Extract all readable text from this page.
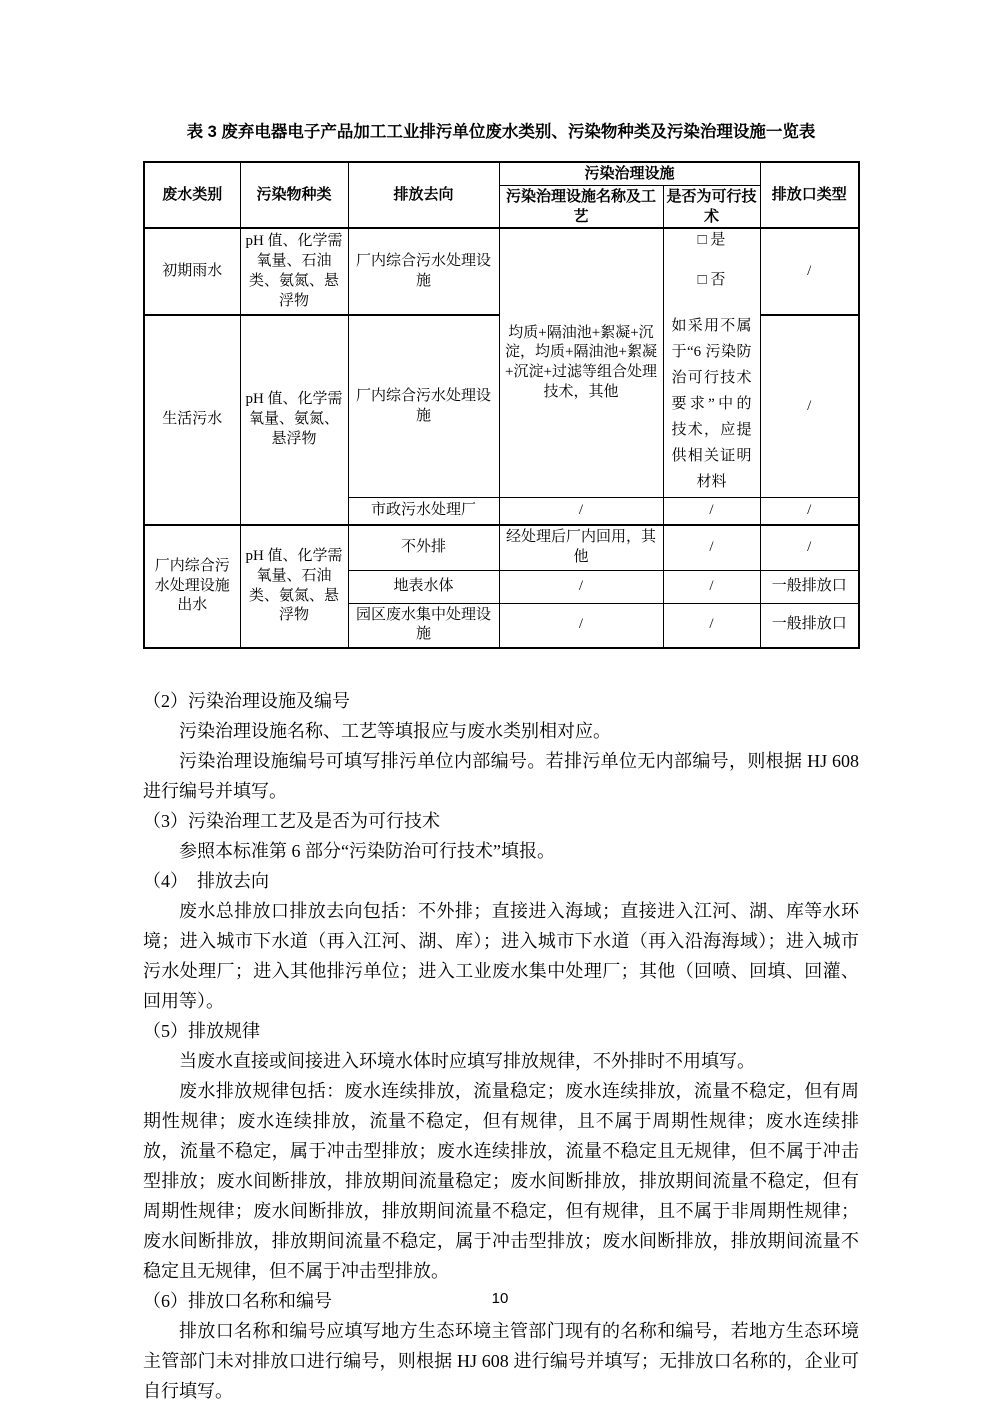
表 3 废弃电器电子产品加工工业排污单位废水类别、污染物种类及污染治理设施一览表
废水类别	污染物种类	排放去向	污染治理设施		排放口类型
			污染治理设施名称及工艺	是否为可行技术	
初期雨水	pH 值、化学需氧量、石油类、氨氮、悬浮物	厂内综合污水处理设施	均质+隔油池+絮凝+沉淀，均质+隔油池+絮凝+沉淀+过滤等组合处理技术，其他	□ 是
□ 否
如采用不属于“6 污染防治可行技术要求”中的技术，应提供相关证明材料	/
生活污水	pH 值、化学需氧量、氨氮、悬浮物	厂内综合污水处理设施			/
		市政污水处理厂	/	/	/
厂内综合污水处理设施出水	pH 值、化学需氧量、石油类、氨氮、悬浮物	不外排	经处理后厂内回用，其他	/	/
		地表水体	/	/	一般排放口
		园区废水集中处理设施	/	/	一般排放口

（2）污染治理设施及编号

污染治理设施名称、工艺等填报应与废水类别相对应。

污染治理设施编号可填写排污单位内部编号。若排污单位无内部编号，则根据 HJ 608 进行编号并填写。

（3）污染治理工艺及是否为可行技术

参照本标准第 6 部分“污染防治可行技术”填报。

（4）　排放去向

废水总排放口排放去向包括：不外排；直接进入海域；直接进入江河、湖、库等水环境；进入城市下水道（再入江河、湖、库）；进入城市下水道（再入沿海海域）；进入城市污水处理厂；进入其他排污单位；进入工业废水集中处理厂；其他（回喷、回填、回灌、回用等）。

（5）排放规律

当废水直接或间接进入环境水体时应填写排放规律，不外排时不用填写。

废水排放规律包括：废水连续排放，流量稳定；废水连续排放，流量不稳定，但有周期性规律；废水连续排放，流量不稳定，但有规律，且不属于周期性规律；废水连续排放，流量不稳定，属于冲击型排放；废水连续排放，流量不稳定且无规律，但不属于冲击型排放；废水间断排放，排放期间流量稳定；废水间断排放，排放期间流量不稳定，但有周期性规律；废水间断排放，排放期间流量不稳定，但有规律，且不属于非周期性规律；废水间断排放，排放期间流量不稳定，属于冲击型排放；废水间断排放，排放期间流量不稳定且无规律，但不属于冲击型排放。

（6）排放口名称和编号

排放口名称和编号应填写地方生态环境主管部门现有的名称和编号，若地方生态环境主管部门未对排放口进行编号，则根据 HJ 608 进行编号并填写；无排放口名称的，企业可自行填写。

10
